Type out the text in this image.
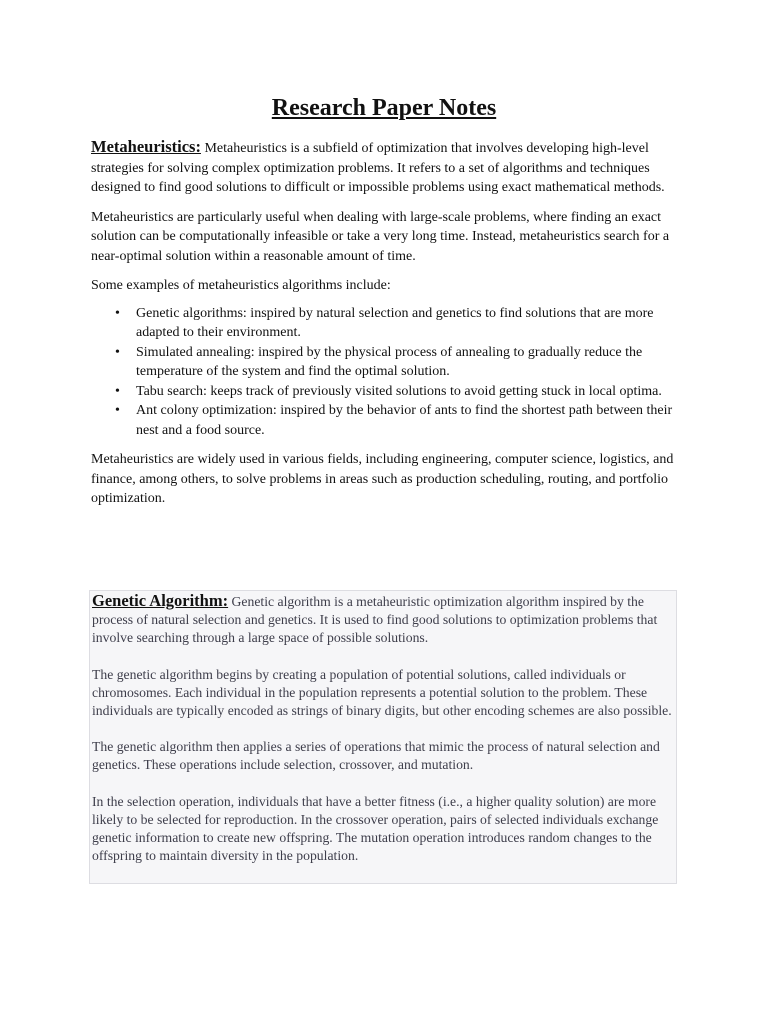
Research Paper Notes

Metaheuristics: Metaheuristics is a subfield of optimization that involves developing high-level strategies for solving complex optimization problems. It refers to a set of algorithms and techniques designed to find good solutions to difficult or impossible problems using exact mathematical methods.

Metaheuristics are particularly useful when dealing with large-scale problems, where finding an exact solution can be computationally infeasible or take a very long time. Instead, metaheuristics search for a near-optimal solution within a reasonable amount of time.

Some examples of metaheuristics algorithms include:

• Genetic algorithms: inspired by natural selection and genetics to find solutions that are more adapted to their environment.
• Simulated annealing: inspired by the physical process of annealing to gradually reduce the temperature of the system and find the optimal solution.
• Tabu search: keeps track of previously visited solutions to avoid getting stuck in local optima.
• Ant colony optimization: inspired by the behavior of ants to find the shortest path between their nest and a food source.

Metaheuristics are widely used in various fields, including engineering, computer science, logistics, and finance, among others, to solve problems in areas such as production scheduling, routing, and portfolio optimization.

Genetic Algorithm: Genetic algorithm is a metaheuristic optimization algorithm inspired by the process of natural selection and genetics. It is used to find good solutions to optimization problems that involve searching through a large space of possible solutions.

The genetic algorithm begins by creating a population of potential solutions, called individuals or chromosomes. Each individual in the population represents a potential solution to the problem. These individuals are typically encoded as strings of binary digits, but other encoding schemes are also possible.

The genetic algorithm then applies a series of operations that mimic the process of natural selection and genetics. These operations include selection, crossover, and mutation.

In the selection operation, individuals that have a better fitness (i.e., a higher quality solution) are more likely to be selected for reproduction. In the crossover operation, pairs of selected individuals exchange genetic information to create new offspring. The mutation operation introduces random changes to the offspring to maintain diversity in the population.
